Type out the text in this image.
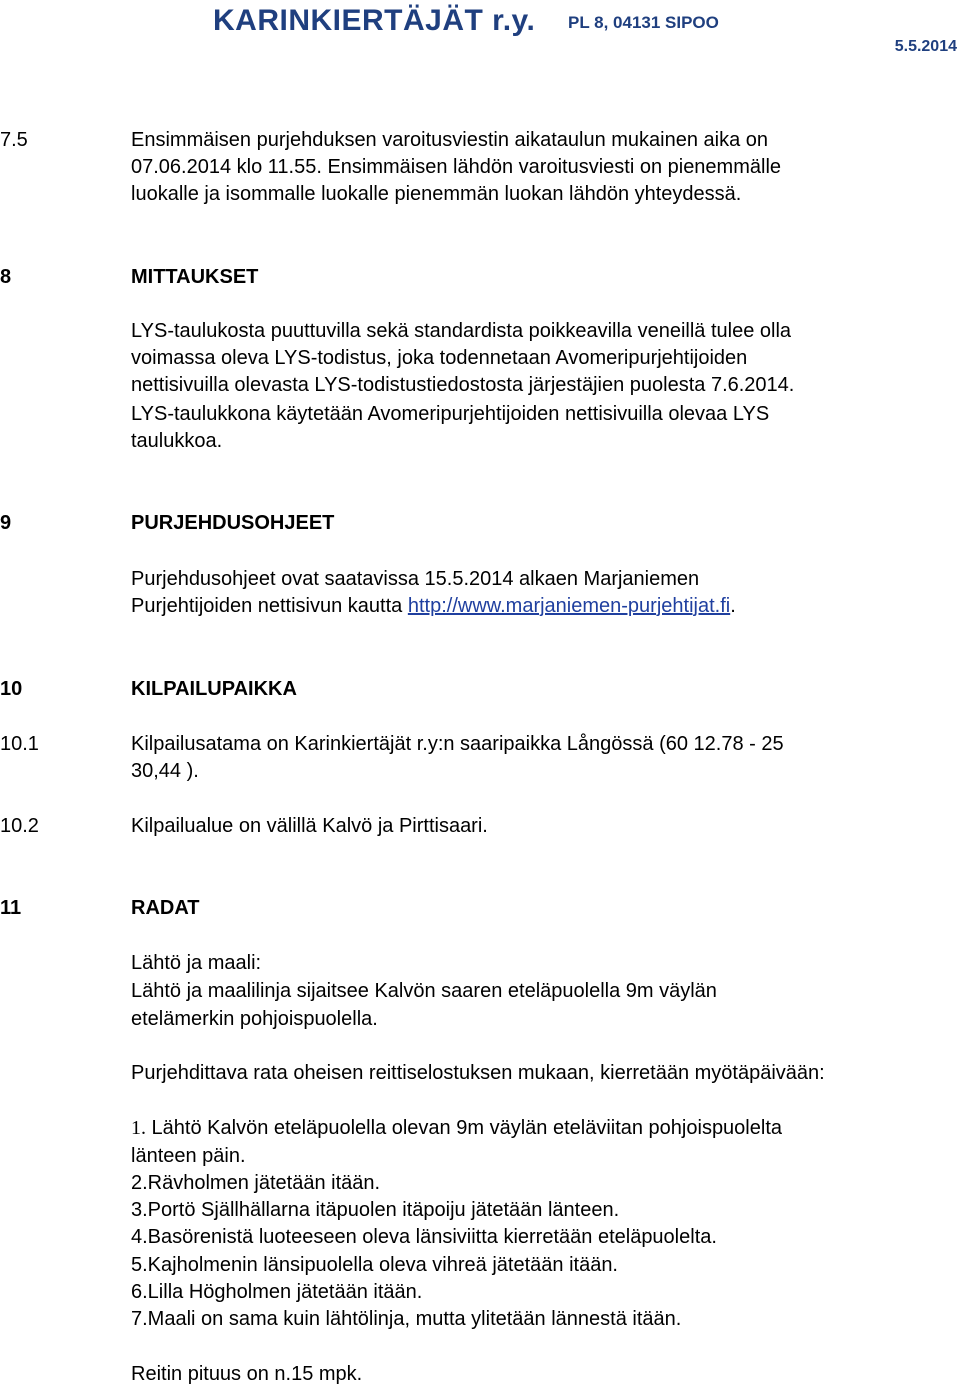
KARINKIERTÄJÄT r.y. PL 8, 04131 SIPOO
5.5.2014
7.5	Ensimmäisen purjehduksen varoitusviestin aikataulun mukainen aika on
07.06.2014 klo 11.55. Ensimmäisen lähdön varoitusviesti on pienemmälle
luokalle ja isommalle luokalle pienemmän luokan lähdön yhteydessä.
8	MITTAUKSET
LYS-taulukosta puuttuvilla sekä standardista poikkeavilla veneillä tulee olla
voimassa oleva LYS-todistus, joka todennetaan Avomeripurjehtijoiden
nettisivuilla olevasta LYS-todistustiedostosta järjestäjien puolesta 7.6.2014.
LYS-taulukkona käytetään Avomeripurjehtijoiden nettisivuilla olevaa LYS
taulukkoa.
9	PURJEHDUSOHJEET
Purjehdusohjeet ovat saatavissa 15.5.2014 alkaen Marjaniemen
Purjehtijoiden nettisivun kautta http://www.marjaniemen-purjehtijat.fi.
10	KILPAILUPAIKKA
10.1	Kilpailusatama on Karinkiertäjät r.y:n saaripaikka Långössä (60 12.78 - 25
30,44 ).
10.2	Kilpailualue on välillä Kalvö ja Pirttisaari.
11	RADAT
Lähtö ja maali:
Lähtö ja maalilinja sijaitsee Kalvön saaren eteläpuolella 9m väylän
etelämerkin pohjoispuolella.
Purjehdittava rata oheisen reittiselostuksen mukaan, kierretään myötäpäivään:
1. Lähtö Kalvön eteläpuolella olevan 9m väylän eteläviitan pohjoispuolelta
länteen päin.
2.Rävholmen jätetään itään.
3.Portö Själlhällarna itäpuolen itäpoiju jätetään länteen.
4.Basörenistä luoteeseen oleva länsiviitta kierretään eteläpuolelta.
5.Kajholmenin länsipuolella oleva vihreä jätetään itään.
6.Lilla Högholmen jätetään itään.
7.Maali on sama kuin lähtölinja, mutta ylitetään lännestä itään.
Reitin pituus on n.15 mpk.
